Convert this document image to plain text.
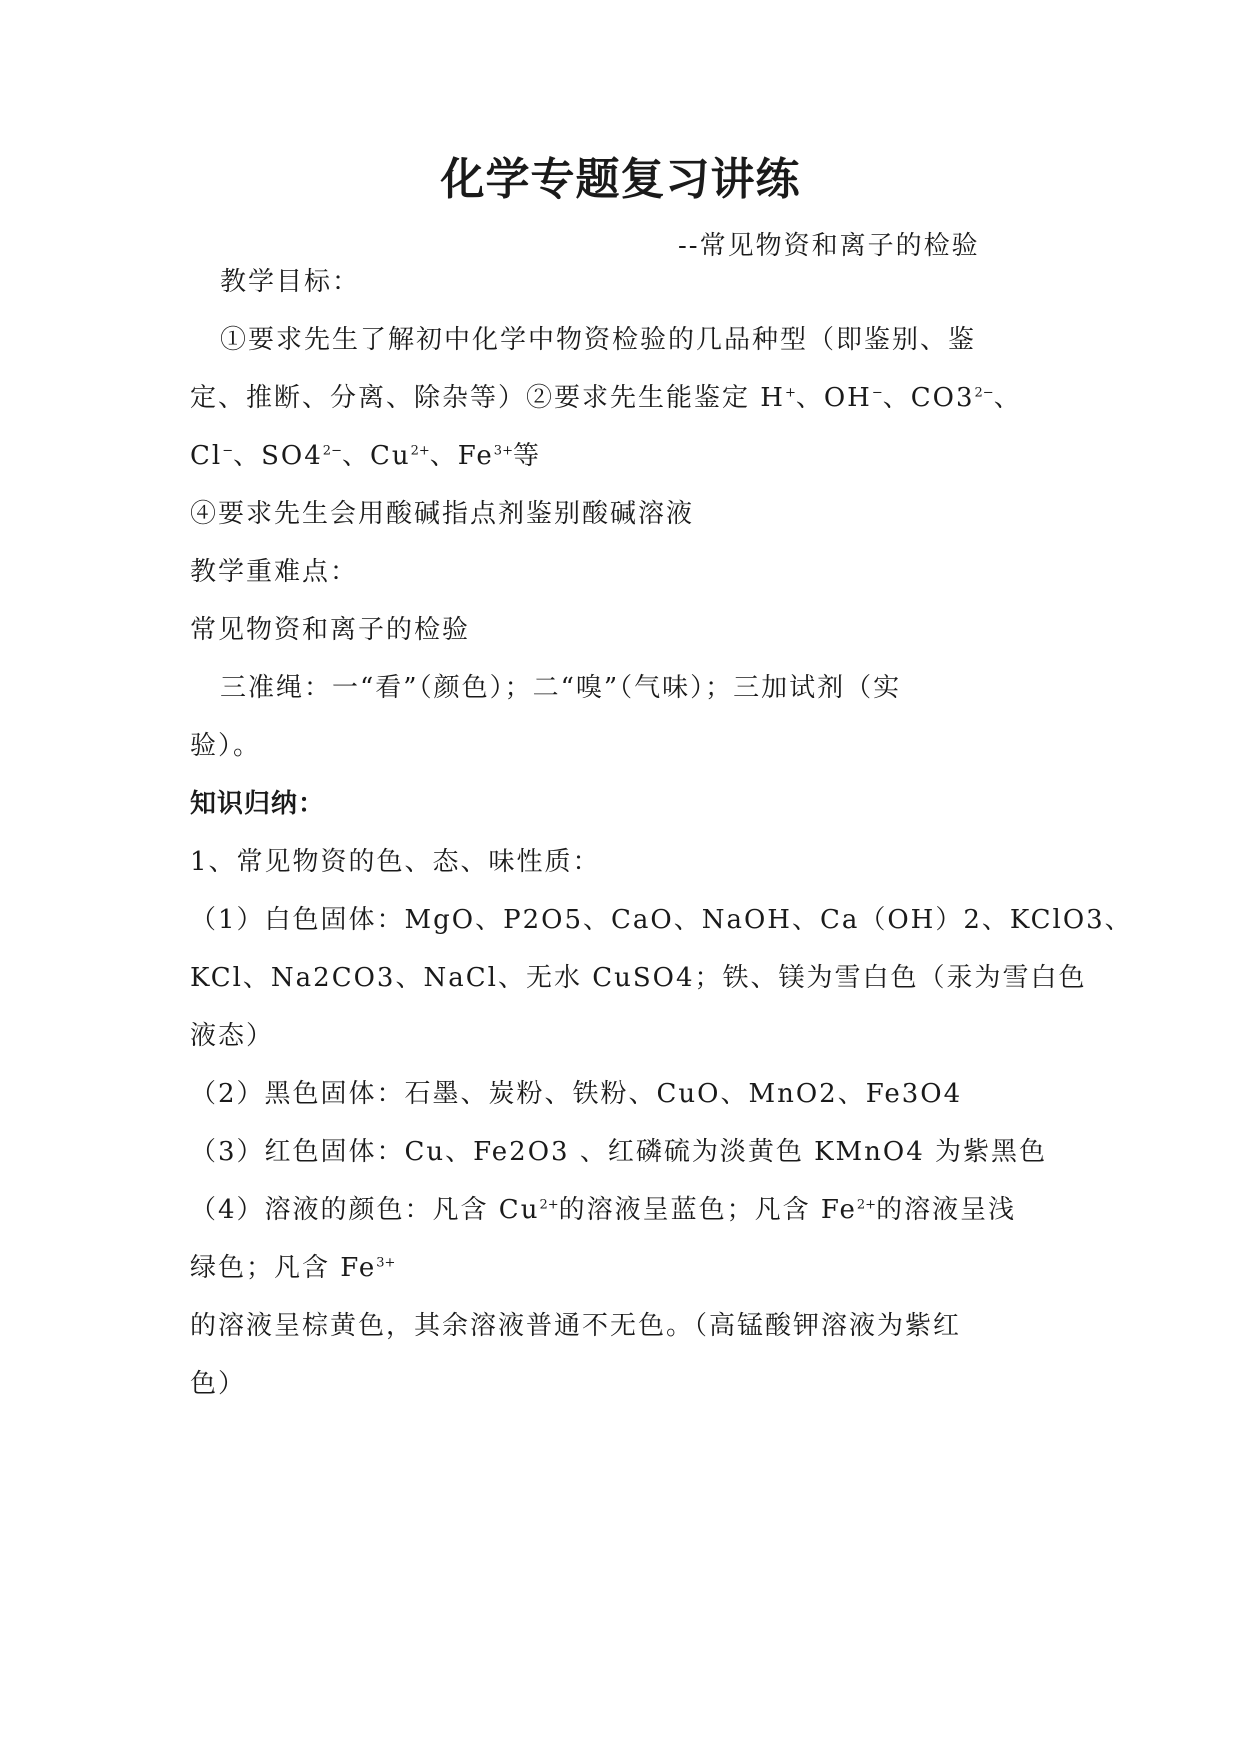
化学专题复习讲练
--常见物资和离子的检验
教学目标：
①要求先生了解初中化学中物资检验的几品种型（即鉴别、鉴
定、推断、分离、除杂等）②要求先生能鉴定 H+、OH−、$CO3^{2-}$、
Cl−、$SO4^{2-}$、$Cu^{2+}$、$Fe^{3+}$等
④要求先生会用酸碱指点剂鉴别酸碱溶液
教学重难点：
常见物资和离子的检验
三准绳：一“看”（颜色）；二“嗅”（气味）；三加试剂（实
验）。
知识归纳：
1、常见物资的色、态、味性质：
（1）白色固体：MgO、P2O5、CaO、NaOH、Ca（OH）2、KClO3、
KCl、Na2CO3、NaCl、无水 CuSO4；铁、镁为雪白色（汞为雪白色
液态）
（2）黑色固体：石墨、炭粉、铁粉、CuO、MnO2、Fe3O4
（3）红色固体：Cu、Fe2O3 、红磷硫为淡黄色 KMnO4 为紫黑色
（4）溶液的颜色：凡含 $Cu^{2+}$的溶液呈蓝色；凡含 $Fe^{2+}$的溶液呈浅
绿色；凡含 $Fe^{3+}$
的溶液呈棕黄色，其余溶液普通不无色。（高锰酸钾溶液为紫红
色）
